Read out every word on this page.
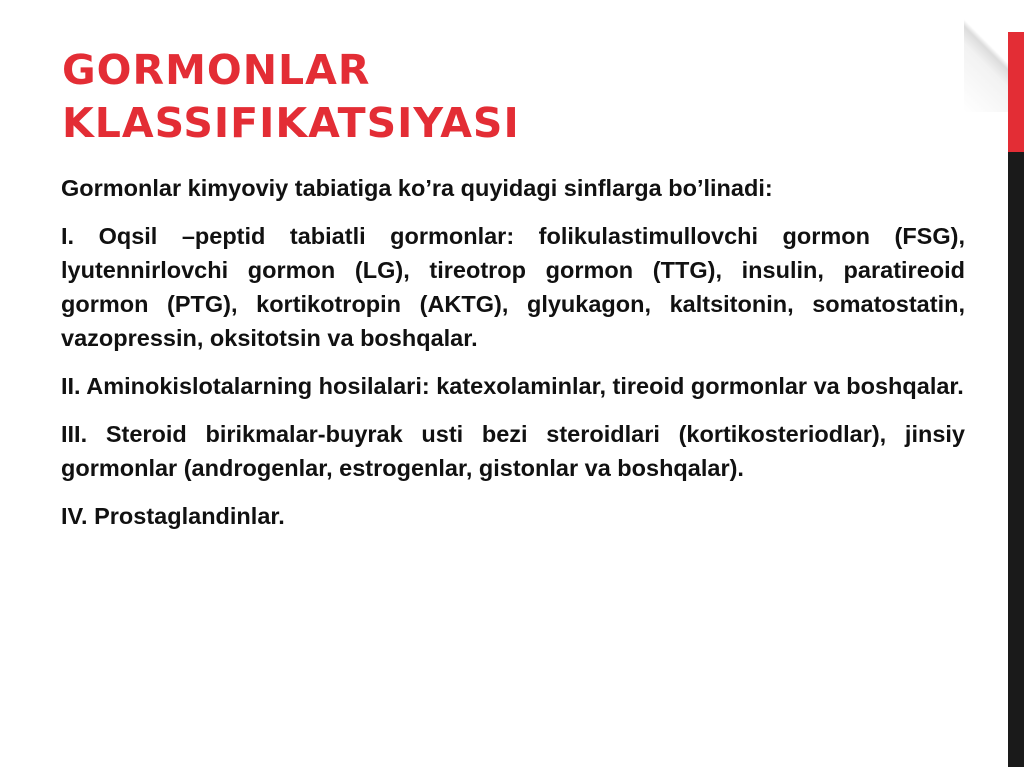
GORMONLAR
KLASSIFIKATSIYASI

Gormonlar kimyoviy tabiatiga ko’ra quyidagi sinflarga bo’linadi:

I. Oqsil –peptid tabiatli gormonlar: folikulastimullovchi gormon (FSG), lyutennirlovchi gormon (LG), tireotrop gormon (TTG), insulin, paratireoid gormon (PTG), kortikotropin (AKTG), glyukagon, kaltsitonin, somatostatin, vazopressin, oksitotsin va boshqalar.

II. Aminokislotalarning hosilalari: katexolaminlar, tireoid gormonlar va boshqalar.

III. Steroid birikmalar-buyrak usti bezi steroidlari (kortikosteriodlar), jinsiy gormonlar (androgenlar, estrogenlar, gistonlar va boshqalar).

IV. Prostaglandinlar.
